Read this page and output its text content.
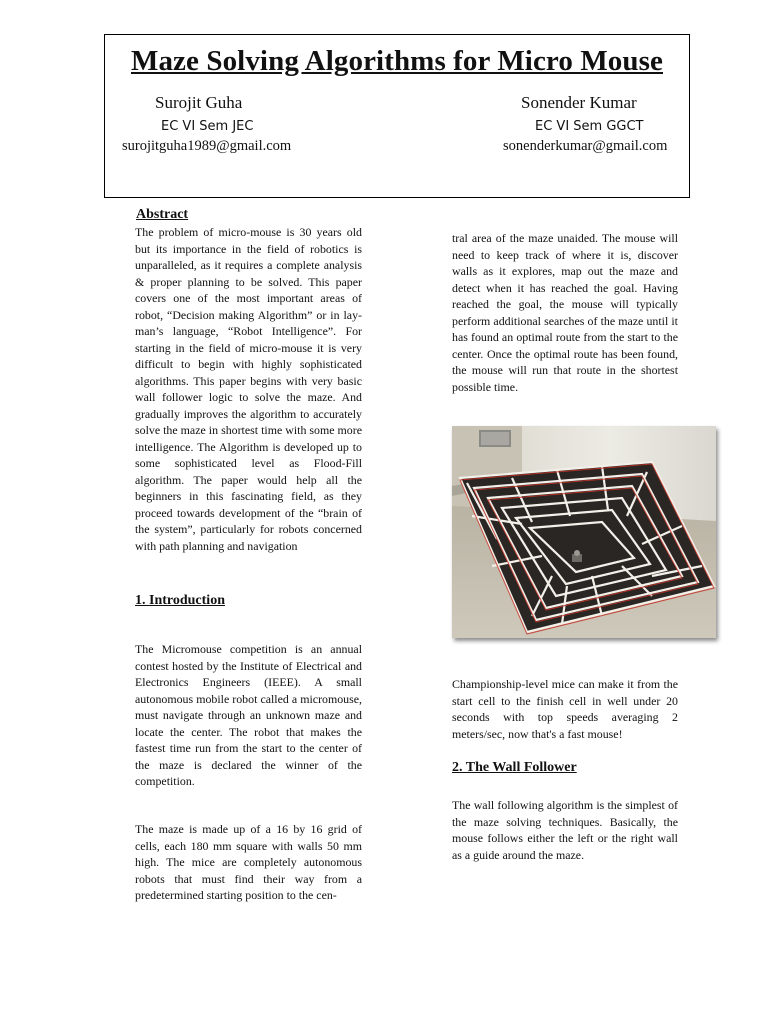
Maze Solving Algorithms for Micro Mouse
Surojit Guha
EC VI Sem JEC
surojitguha1989@gmail.com
Sonender Kumar
EC VI Sem GGCT
sonenderkumar@gmail.com
Abstract

The problem of micro-mouse is 30 years old but its importance in the field of robotics is unparalleled, as it requires a complete analysis & proper planning to be solved. This paper covers one of the most important areas of robot, “Decision making Algorithm” or in lay-man’s language, “Robot Intelligence”. For starting in the field of micro-mouse it is very difficult to begin with highly sophisticated algorithms. This paper begins with very basic wall follower logic to solve the maze. And gradually improves the algorithm to accurately solve the maze in shortest time with some more intelligence. The Algorithm is developed up to some sophisticated level as Flood-Fill algorithm. The paper would help all the beginners in this fascinating field, as they proceed towards development of the “brain of the system”, particularly for robots concerned with path planning and navigation

1. Introduction

The Micromouse competition is an annual contest hosted by the Institute of Electrical and Electronics Engineers (IEEE). A small autonomous mobile robot called a micromouse, must navigate through an unknown maze and locate the center. The robot that makes the fastest time run from the start to the center of the maze is declared the winner of the competition.

The maze is made up of a 16 by 16 grid of cells, each 180 mm square with walls 50 mm high. The mice are completely autonomous robots that must find their way from a predetermined starting position to the cen-

tral area of the maze unaided. The mouse will need to keep track of where it is, discover walls as it explores, map out the maze and detect when it has reached the goal. Having reached the goal, the mouse will typically perform additional searches of the maze until it has found an optimal route from the start to the center. Once the optimal route has been found, the mouse will run that route in the shortest possible time.

Championship-level mice can make it from the start cell to the finish cell in well under 20 seconds with top speeds averaging 2 meters/sec, now that's a fast mouse!

2. The Wall Follower

The wall following algorithm is the simplest of the maze solving techniques. Basically, the mouse follows either the left or the right wall as a guide around the maze.
